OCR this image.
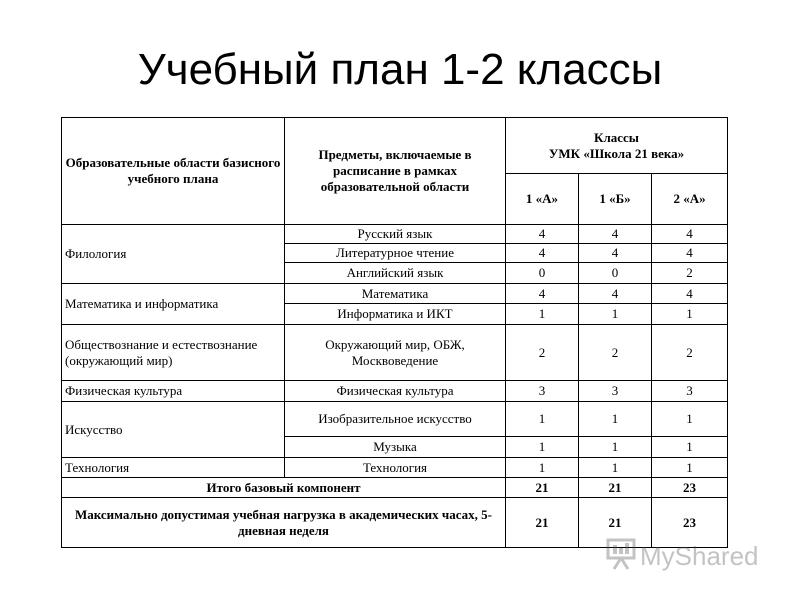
Учебный план 1-2 классы
Образовательные области базисного учебного плана	Предметы, включаемые в расписание в рамках образовательной области	Классы
УМК «Школа 21 века»		

		1 «А»	1 «Б»	2 «А»
Филология	Русский язык	4	4	4
	Литературное чтение	4	4	4
	Английский язык	0	0	2
Математика и информатика	Математика	4	4	4
	Информатика и ИКТ	1	1	1
Обществознание и естествознание (окружающий мир)	Окружающий мир, ОБЖ, Москвоведение	2	2	2
Физическая культура	Физическая культура	3	3	3
Искусство	Изобразительное искусство	1	1	1
	Музыка	1	1	1
Технология	Технология	1	1	1
Итого базовый компонент		21	21	23
Максимально допустимая учебная нагрузка в академических часах, 5-дневная неделя		21	21	23
MyShared
